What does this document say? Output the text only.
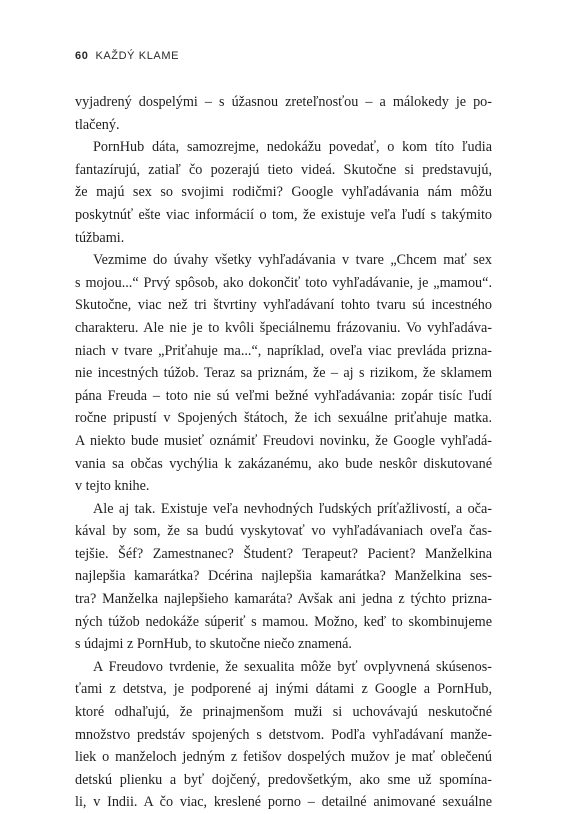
60 KAŽDÝ KLAME
vyjadrený dospelými – s úžasnou zreteľnosťou – a málokedy je po-
tlačený.
PornHub dáta, samozrejme, nedokážu povedať, o kom títo ľudia
fantazírujú, zatiaľ čo pozerajú tieto videá. Skutočne si predstavujú,
že majú sex so svojimi rodičmi? Google vyhľadávania nám môžu
poskytnúť ešte viac informácií o tom, že existuje veľa ľudí s takýmito
túžbami.
Vezmime do úvahy všetky vyhľadávania v tvare „Chcem mať sex
s mojou...“ Prvý spôsob, ako dokončiť toto vyhľadávanie, je „mamou“.
Skutočne, viac než tri štvrtiny vyhľadávaní tohto tvaru sú incestného
charakteru. Ale nie je to kvôli špeciálnemu frázovaniu. Vo vyhľadáva-
niach v tvare „Priťahuje ma...“, napríklad, oveľa viac prevláda prizna-
nie incestných túžob. Teraz sa priznám, že – aj s rizikom, že sklamem
pána Freuda – toto nie sú veľmi bežné vyhľadávania: zopár tisíc ľudí
ročne pripustí v Spojených štátoch, že ich sexuálne priťahuje matka.
A niekto bude musieť oznámiť Freudovi novinku, že Google vyhľadá-
vania sa občas vychýlia k zakázanému, ako bude neskôr diskutované
v tejto knihe.
Ale aj tak. Existuje veľa nevhodných ľudských príťažlivostí, a oča-
kával by som, že sa budú vyskytovať vo vyhľadávaniach oveľa čas-
tejšie. Šéf? Zamestnanec? Študent? Terapeut? Pacient? Manželkina
najlepšia kamarátka? Dcérina najlepšia kamarátka? Manželkina ses-
tra? Manželka najlepšieho kamaráta? Avšak ani jedna z týchto prizna-
ných túžob nedokáže súperiť s mamou. Možno, keď to skombinujeme
s údajmi z PornHub, to skutočne niečo znamená.
A Freudovo tvrdenie, že sexualita môže byť ovplyvnená skúsenos-
ťami z detstva, je podporené aj inými dátami z Google a PornHub,
ktoré odhaľujú, že prinajmenšom muži si uchovávajú neskutočné
množstvo predstáv spojených s detstvom. Podľa vyhľadávaní manže-
liek o manželoch jedným z fetišov dospelých mužov je mať oblečenú
detskú plienku a byť dojčený, predovšetkým, ako sme už spomína-
li, v Indii. A čo viac, kreslené porno – detailné animované sexuálne
